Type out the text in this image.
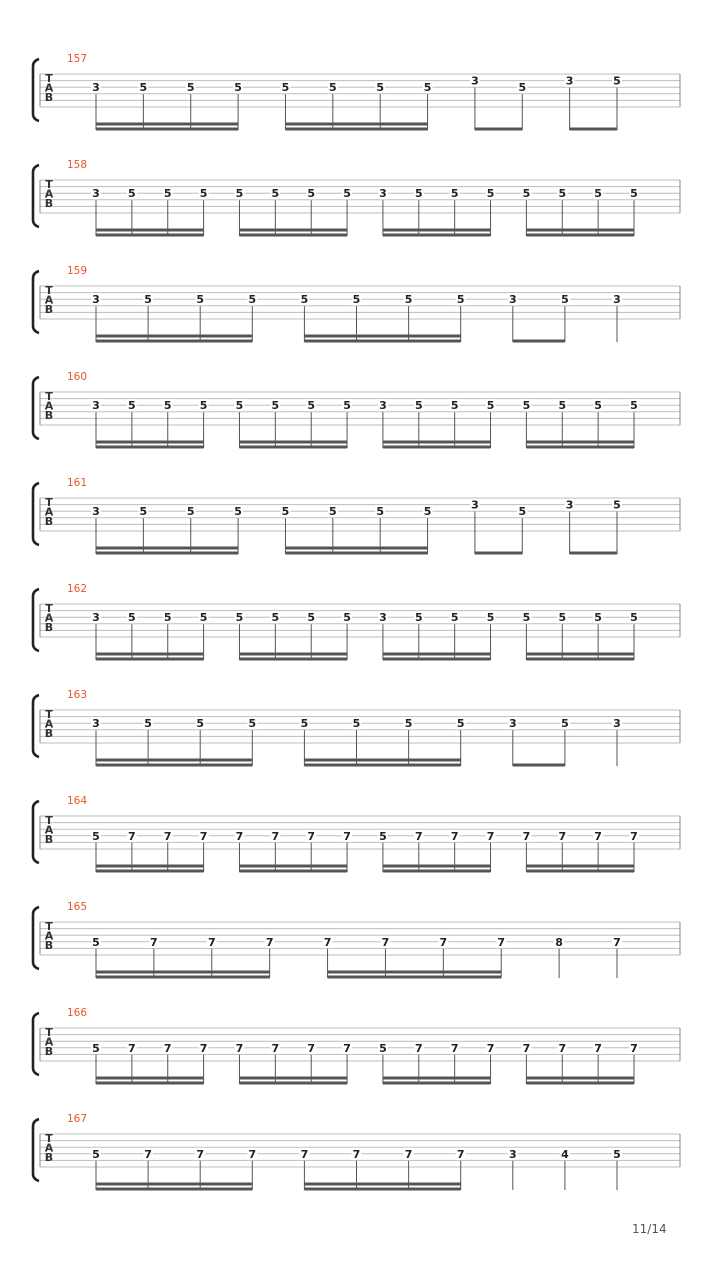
T
A
B
157
3	5	5	5	5	5	5	5
3
5
3	5
T
A
B
158
3	5	5	5	5	5	5	5	3	5	5	5	5	5	5	5
T
A
B
159
3	5	5	5	5	5	5	5	3	5	3
T
A
B
160
3	5	5	5	5	5	5	5	3	5	5	5	5	5	5	5
T
A
B
161
3	5	5	5	5	5	5	5
3
5
3	5
T
A
B
162
3	5	5	5	5	5	5	5	3	5	5	5	5	5	5	5
T
A
B
163
3	5	5	5	5	5	5	5	3	5	3
T
A
B
164
5	7	7	7	7	7	7	7	5	7	7	7	7	7	7	7
T
A
B
165
5	7	7	7	7	7	7	7	8	7
T
A
B
166
5	7	7	7	7	7	7	7	5	7	7	7	7	7	7	7
T
A
B
167
5	7	7	7	7	7	7	7	3	4	5

11/14
